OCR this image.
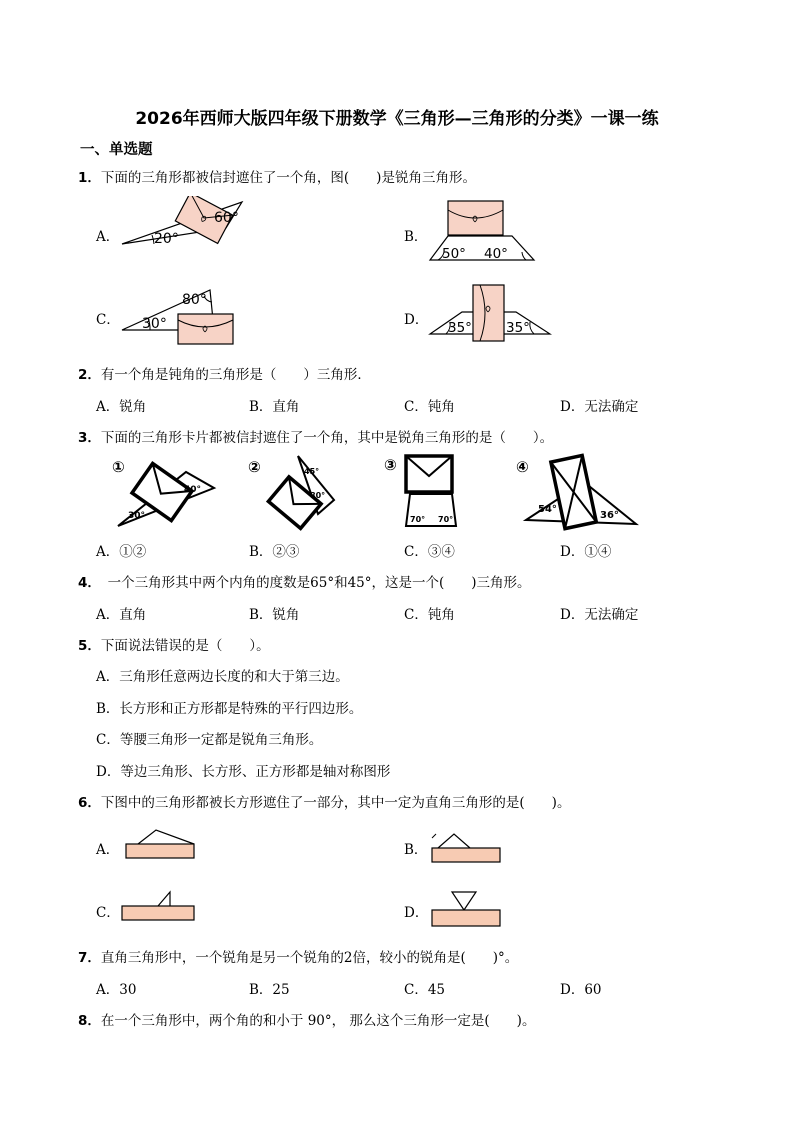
2026年西师大版四年级下册数学《三角形—三角形的分类》一课一练
一、单选题
1．下面的三角形都被信封遮住了一个角，图(　　)是锐角三角形。
A．	B．
C．	D．
20°
60°
50° 40°
30°
80°
35°	35°
2．有一个角是钝角的三角形是（　　）三角形．
A．锐角	B．直角	C．钝角	D．无法确定
3．下面的三角形卡片都被信封遮住了一个角，其中是锐角三角形的是（　　）。
①
40°
30°
②	45°
80°
③
70° 70°
④
54°
36°
A．①②	B．②③	C．③④	D．①④
4．　一个三角形其中两个内角的度数是65°和45°，这是一个(　　)三角形。
A．直角	B．锐角	C．钝角	D．无法确定
5．下面说法错误的是（　　）。
A．三角形任意两边长度的和大于第三边。
B．长方形和正方形都是特殊的平行四边形。
C．等腰三角形一定都是锐角三角形。
D．等边三角形、长方形、正方形都是轴对称图形
6．下图中的三角形都被长方形遮住了一部分，其中一定为直角三角形的是(　　)。
A．	B．
C．	D．
7．直角三角形中，一个锐角是另一个锐角的2倍，较小的锐角是(　　)°。
A．30	B．25	C．45	D．60
8．在一个三角形中，两个角的和小于 90°， 那么这个三角形一定是(　　)。
